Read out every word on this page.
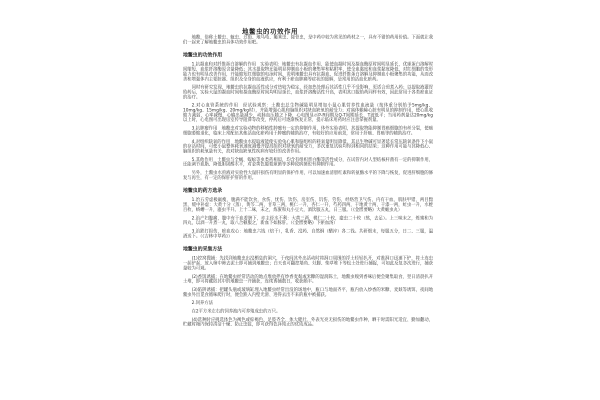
地鳖虫的功效作用

地鳖，俗称土鳖虫、蟅虫、过街、地乌龟、簸箕虫、接骨虫，是中药中较为常见的药材之一，具有不错的药用价值。下面就让我们一起来了解地鳖虫的具体功效作用吧。

地鳖虫的功效作用

1.抗凝血和对纤维蛋白溶解的作用　实验表明：地鳖虫有抗凝血作用，能使血凝时间及凝血酶原时间明显延长，优球蛋白溶解时间缩短，血浆纤溶酶原含量降低；其水提取物还能明显抑制血小板的聚集率和粘附率，使全血黏度和血浆黏度降低，对红细胞的变形能力也有明显改善作用，并能缩短红细胞的电泳时间，说明地鳖虫具有抗凝血、促进纤维蛋白溶解及抑制血小板聚集的功能，从而改善和增强体内主要脏器、组织及全身的血液供应，有利于瘀血肿痛等症状的缓解，是常用的活血化瘀药。

同时有研究发现，地鳖虫的抗凝血活性成分对热较为稳定，经加热处理后其活性几乎不受影响，更适合煎煮入药；以提取液灌胃给药后，实验大鼠的凝血时间和凝血酶原时间均明显延长，血浆纤溶酶活性升高，表明其口服给药同样有效，因此常用于各类瘀血证的治疗。

2.对心血管系统的作用　经试验观察：土鳖虫总生物碱能明显增加小鼠心肌营养性血流量（按体重分别给予5mg/kg、10mg/kg、15mg/kg、20mg/kg时），并能增强心肌和脑组织对缺血缺氧的耐受力；对离体蟾蜍心脏有明显的抑制作用，使心肌收缩力减弱，心率减慢，心输出量减少，动脉血压随之下降，心电图显示P-R间期及Q-T间期延长，T波低平；当用药剂量达20mg/kg以上时，心电图可出现房室传导阻滞等改变，停药后可逐渐恢复正常，提示临床用药时应注意掌握剂量。

3.抗肿瘤作用　地鳖虫对实验动物的移植性肿瘤有一定的抑制作用，体外实验表明，其提取物能抑制胃癌细胞的有丝分裂，使癌细胞萎缩退化，临床上常配伍其他活血化瘀药用于肿瘤的辅助治疗，有较好的应用前景，常用于肝癌、胃癌等的辅助治疗。

4.对组织缺氧的作用　地鳖虫水提取液能使实验兔心肌和脑组织的耗氧量明显降低，其总生物碱可显著延长常压缺氧条件下小鼠的存活时间，可使小鼠整体耗氧速度减慢并提高组织对缺氧的耐受力，多次重复试验均得到相同的结果；这种作用可能与其降低心、脑组织的耗氧量有关，故对缺血缺氧性疾病有较好的改善作用。

5.其他作用　土鳖虫与全蝎、蜈蚣等虫类药相似，均含有组织蛋白酶等活性成分，在试管内对人型结核杆菌有一定的抑制作用，还能调节血脂、降低胆固醇水平，对金黄色葡萄球菌等多种致病菌也有抑制作用。

另外，土鳖虫水煎液对实验性大鼠肝损伤有明显的保护作用，可以加速血清胆红素和转氨酶水平的下降与恢复，促进肝细胞的修复与再生，有一定的保肝护肝的作用。

地鳖虫的药方选录

1.治五劳虚极羸瘦，腹满不能饮食，食伤、忧伤、饮伤、房室伤、饥伤、劳伤，经络营卫气伤，内有干血，肌肤甲错，两目黯黑，缓中补虚：大黄十分（蒸），黄芩二两，甘草三两，桃仁一升，杏仁一升，芍药四两，干地黄十两，干漆一两，虻虫一升，水蛭百枚，蛴螬一升，䗪虫半升。上十二味，末之，炼蜜和丸小豆大，酒饮服五丸，日三服。（《金匮要略》大黄蟅虫丸）

2.治产妇腹痛，腹中有干血着脐下，亦主经水不利：大黄三两，桃仁二十枚，䗪虫二十枚（熬，去足）。上三味末之，炼蜜和为四丸，以酒一升煮一丸，取八合顿服之，新血下如豚肝。（《金匮要略》下瘀血汤）

3.治跌打损伤，瘀血攻心：地鳖虫六钱（焙干），乳香、没药、自然铜（醋淬）各二钱。共研细末，每服五分，日二、三服，温酒送下。（《吉林中草药》）

地鳖虫的采集方法

(1)挖窝搜捕：先找到地鳖虫出没栖息的洞穴，于夜间其外出活动时将洞口周围的浮土轻轻扒开，对准洞口迅速下铲，将土连虫一起铲起，放入筛中筛去泥土即可捕到地鳖虫；白天也可翻挖墙角、灶脚、柴草堆下等松土处进行捕捉，可如此反复多次进行，捕获量较为可观。

(2)香饵诱捕：在地鳖虫经常活动的地点堆放拌有炒香麦麸或米糠的湿润陈土，地鳖虫嗅到香味后便会聚集取食，翌日清晨扒开土堆，即可将藏匿其中的地鳖虫一并捕获，连续诱捕数日，收获颇丰。

(3)陷阱诱捕：把罐头瓶或玻璃缸埋入地鳖虫经常出没的场地中，瓶口与地面齐平，瓶内放入炒香的米糠、麦麸等诱饵，夜间地鳖虫外出觅食循味爬行时，便会跌入内壁光滑、进得去出不来的瓶中被捕获。

2.饲养方法

在2平方米左右的饲养池内可养殖成虫约万只。

(4)选种时应挑选体色为褐色或棕褐色、足肢齐全、体大健壮、外表光亮无损伤的地鳖虫作种，晒干时需阳光适宜、勤加翻动，贮藏时箱内保持清洁干燥、防止虫蛀，即可获得色泽纯正的优质成品。
